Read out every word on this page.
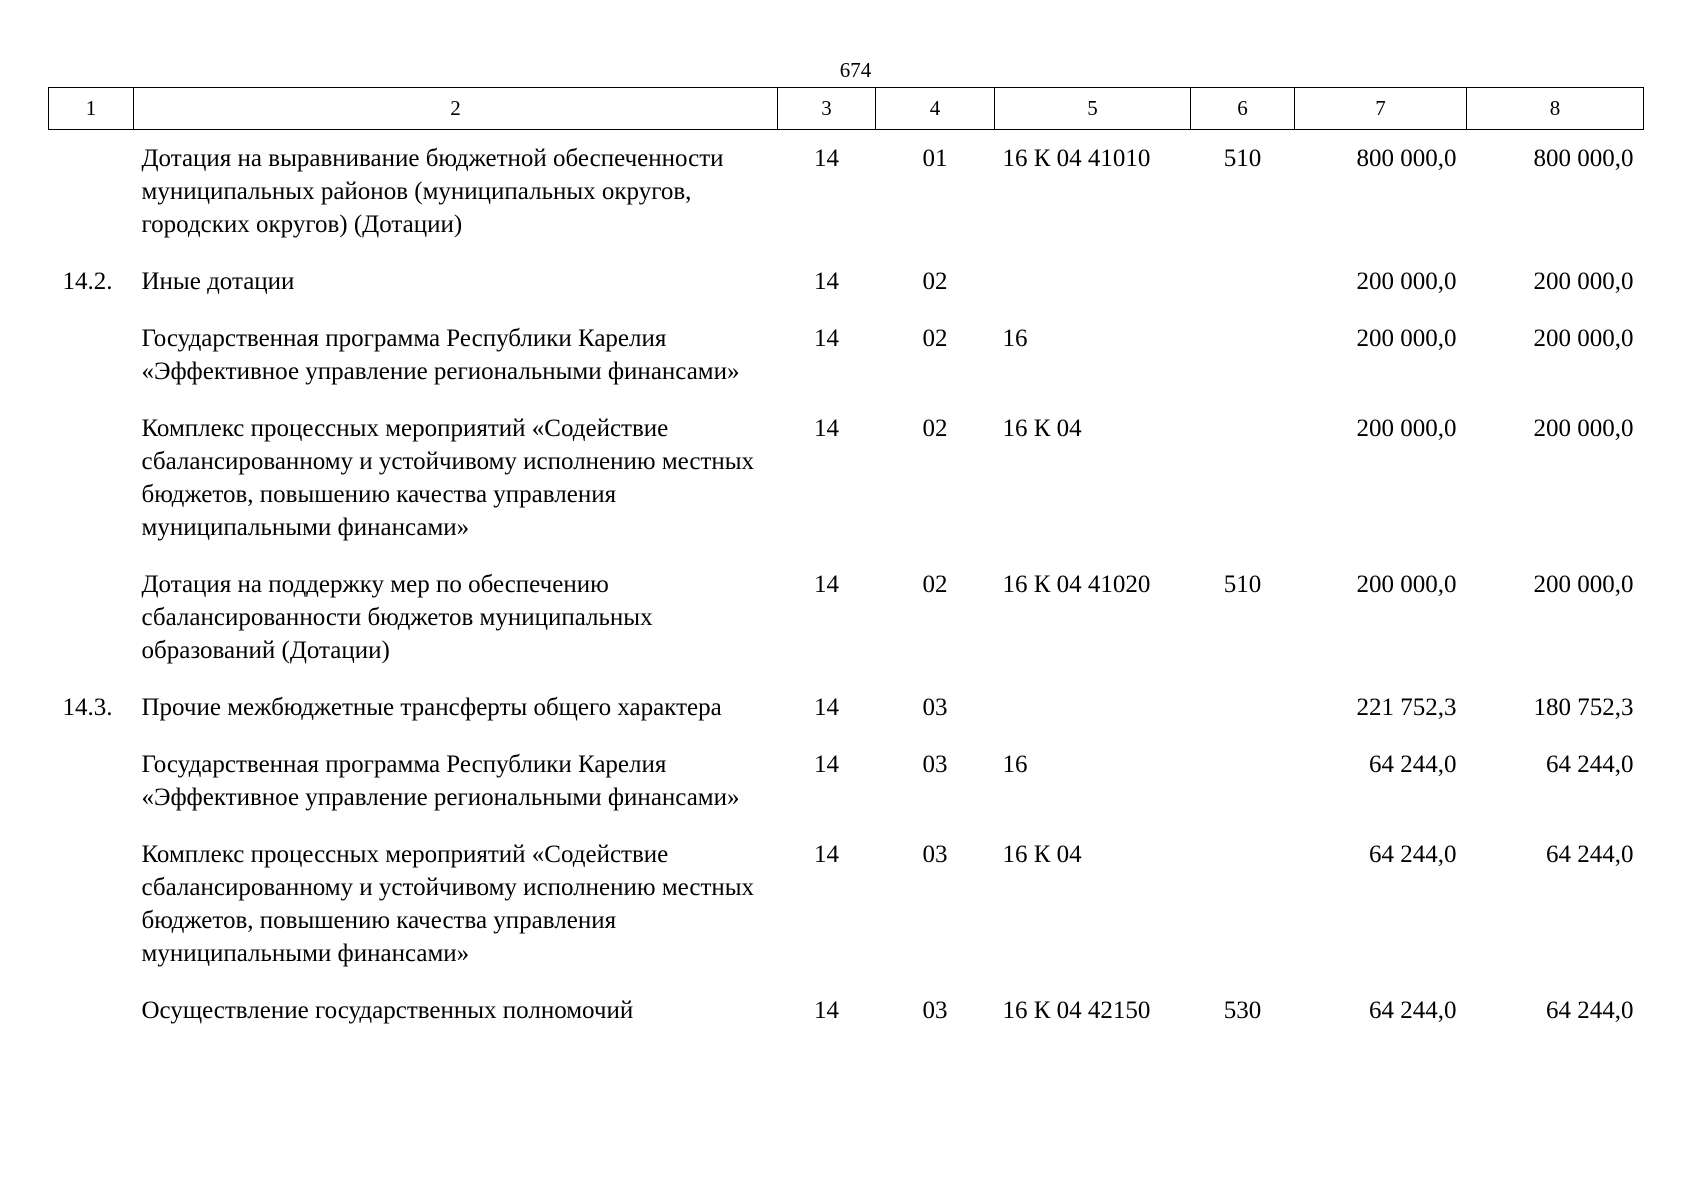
674
1	2	3	4	5	6	7	8
	Дотация на выравнивание бюджетной обеспеченности муниципальных районов (муниципальных округов, городских округов) (Дотации)	14	01	16 К 04 41010	510	800 000,0	800 000,0
14.2.	Иные дотации	14	02			200 000,0	200 000,0
	Государственная программа Республики Карелия «Эффективное управление региональными финансами»	14	02	16		200 000,0	200 000,0
	Комплекс процессных мероприятий «Содействие сбалансированному и устойчивому исполнению местных бюджетов, повышению качества управления муниципальными финансами»	14	02	16 К 04		200 000,0	200 000,0
	Дотация на поддержку мер по обеспечению сбалансированности бюджетов муниципальных образований (Дотации)	14	02	16 К 04 41020	510	200 000,0	200 000,0
14.3.	Прочие межбюджетные трансферты общего характера	14	03			221 752,3	180 752,3
	Государственная программа Республики Карелия «Эффективное управление региональными финансами»	14	03	16		64 244,0	64 244,0
	Комплекс процессных мероприятий «Содействие сбалансированному и устойчивому исполнению местных бюджетов, повышению качества управления муниципальными финансами»	14	03	16 К 04		64 244,0	64 244,0
	Осуществление государственных полномочий	14	03	16 К 04 42150	530	64 244,0	64 244,0
